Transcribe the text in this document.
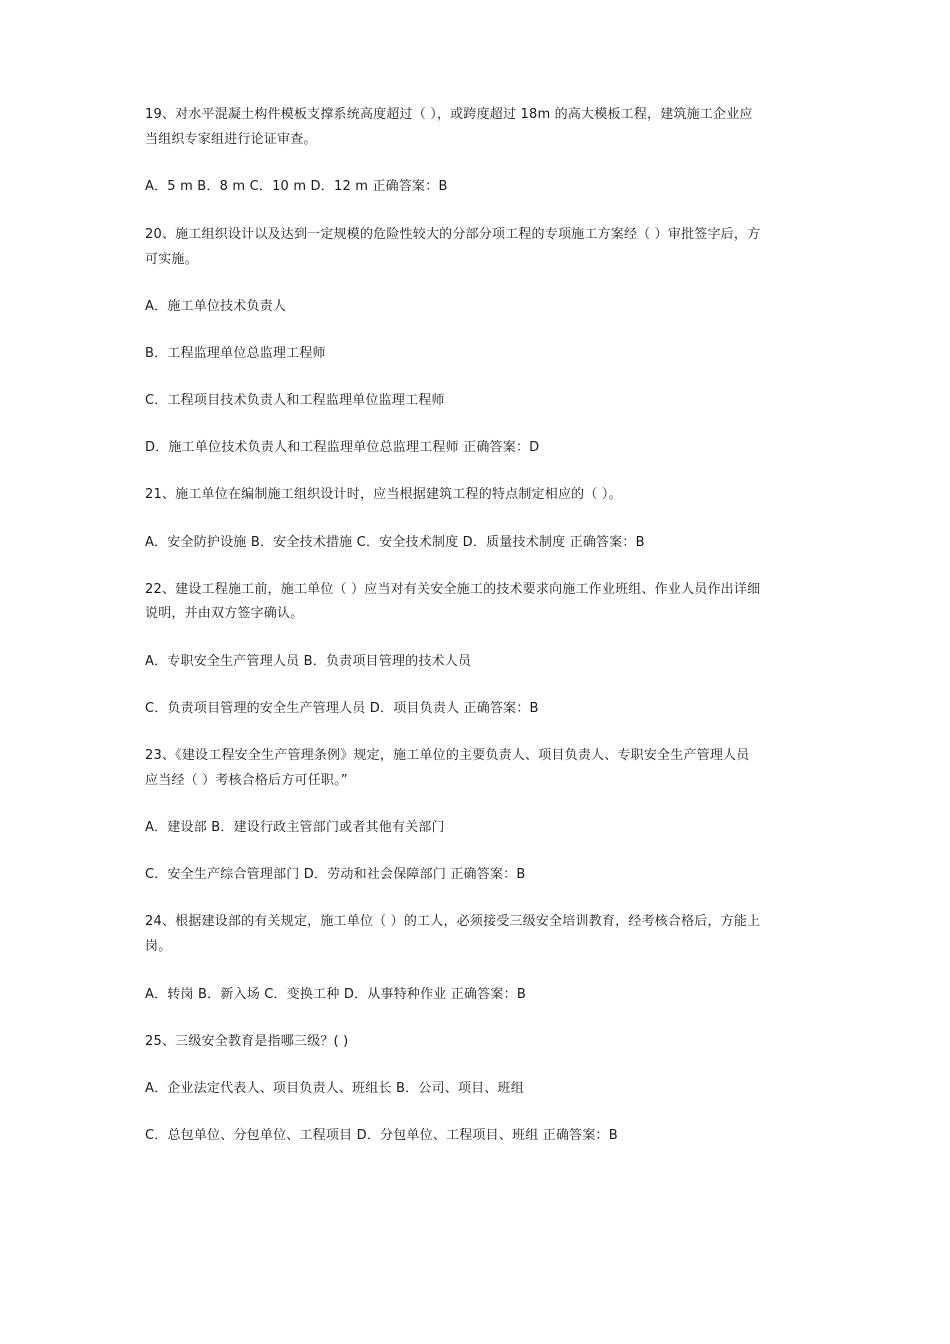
19、对水平混凝土构件模板支撑系统高度超过（ ），或跨度超过 18m 的高大模板工程，建筑施工企业应
当组织专家组进行论证审查。
A．5 m B．8 m C．10 m D．12 m 正确答案：B
20、施工组织设计以及达到一定规模的危险性较大的分部分项工程的专项施工方案经（ ）审批签字后，方
可实施。
A．施工单位技术负责人
B．工程监理单位总监理工程师
C．工程项目技术负责人和工程监理单位监理工程师
D．施工单位技术负责人和工程监理单位总监理工程师 正确答案：D
21、施工单位在编制施工组织设计时，应当根据建筑工程的特点制定相应的（ ）。
A．安全防护设施 B．安全技术措施 C．安全技术制度 D．质量技术制度 正确答案：B
22、建设工程施工前，施工单位（ ）应当对有关安全施工的技术要求向施工作业班组、作业人员作出详细
说明，并由双方签字确认。
A．专职安全生产管理人员 B．负责项目管理的技术人员
C．负责项目管理的安全生产管理人员 D．项目负责人 正确答案：B
23、《建设工程安全生产管理条例》规定，施工单位的主要负责人、项目负责人、专职安全生产管理人员
应当经（ ）考核合格后方可任职。”
A．建设部 B．建设行政主管部门或者其他有关部门
C．安全生产综合管理部门 D．劳动和社会保障部门 正确答案：B
24、根据建设部的有关规定，施工单位（ ）的工人，必须接受三级安全培训教育，经考核合格后，方能上
岗。
A．转岗 B．新入场 C．变换工种 D．从事特种作业 正确答案：B
25、三级安全教育是指哪三级？( )
A．企业法定代表人、项目负责人、班组长 B．公司、项目、班组
C．总包单位、分包单位、工程项目 D．分包单位、工程项目、班组 正确答案：B
